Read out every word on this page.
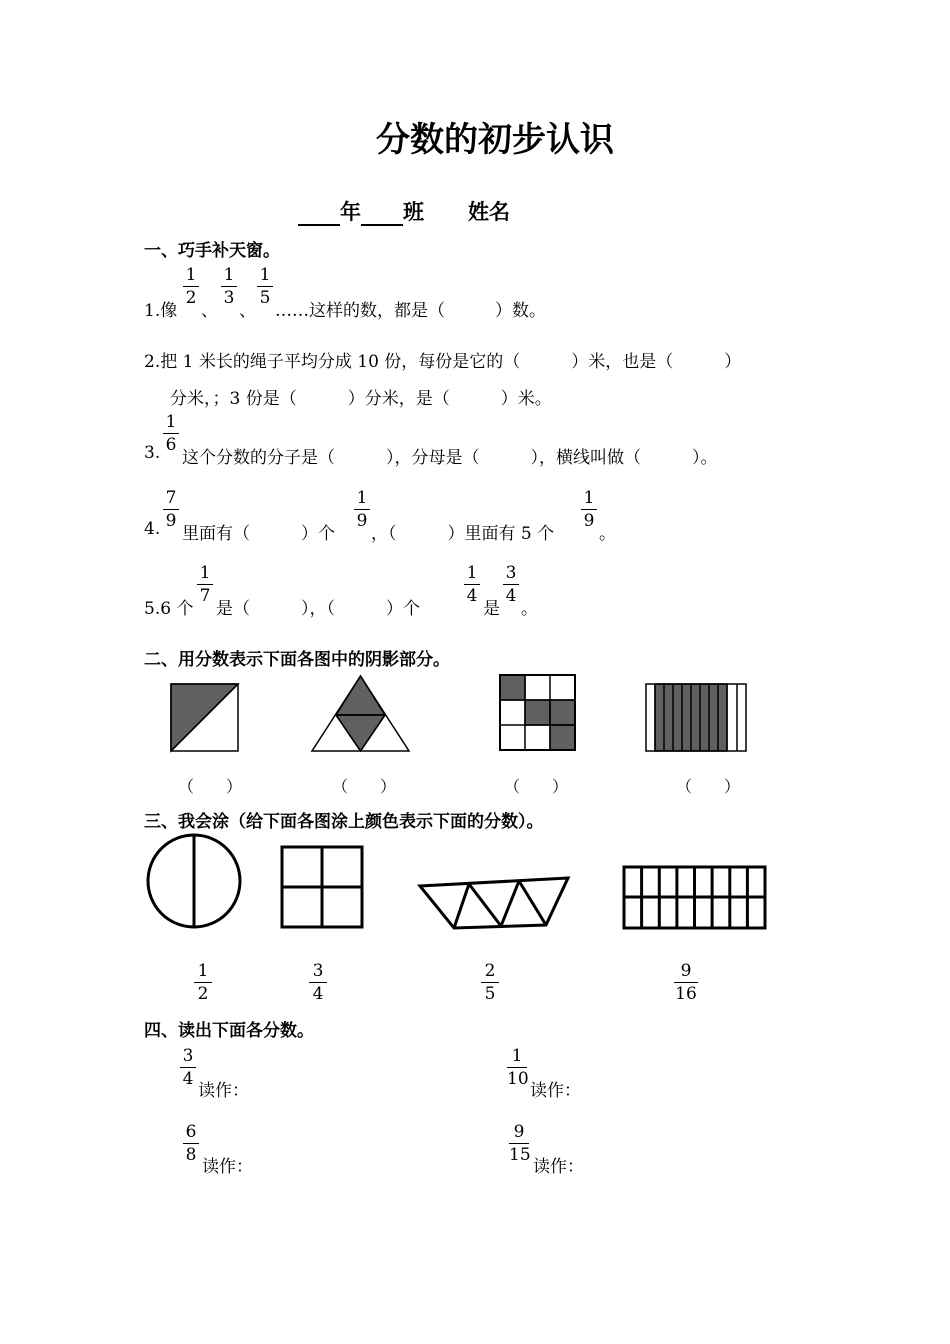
分数的初步认识
年 班 姓名
一、巧手补天窗。
1.像
1
2
、
1
3
、
1
5
……这样的数，都是（	）数。
2.把 1 米长的绳子平均分成 10 份，每份是它的（　　　）米，也是（　　　）
分米，；3 份是（　　　）分米，是（　　　）米。
3.
1
6
这个分数的分子是（　　　），分母是（　　　），横线叫做（　　　）。
4.
7
9
里面有（　　　）个
1
9
，（　　　）里面有 5 个
1
9
。
5.6 个
1
7
是（　　　），（　　　）个
1
4
是
3
4
。
二、用分数表示下面各图中的阴影部分。
（　　）	（　　）	（　　）	（　　）
三、我会涂（给下面各图涂上颜色表示下面的分数）。
1
2
3
4
2
5
9
16
四、读出下面各分数。
3
4
读作：
1
10
读作：
6
8
读作：
9
15
读作：
